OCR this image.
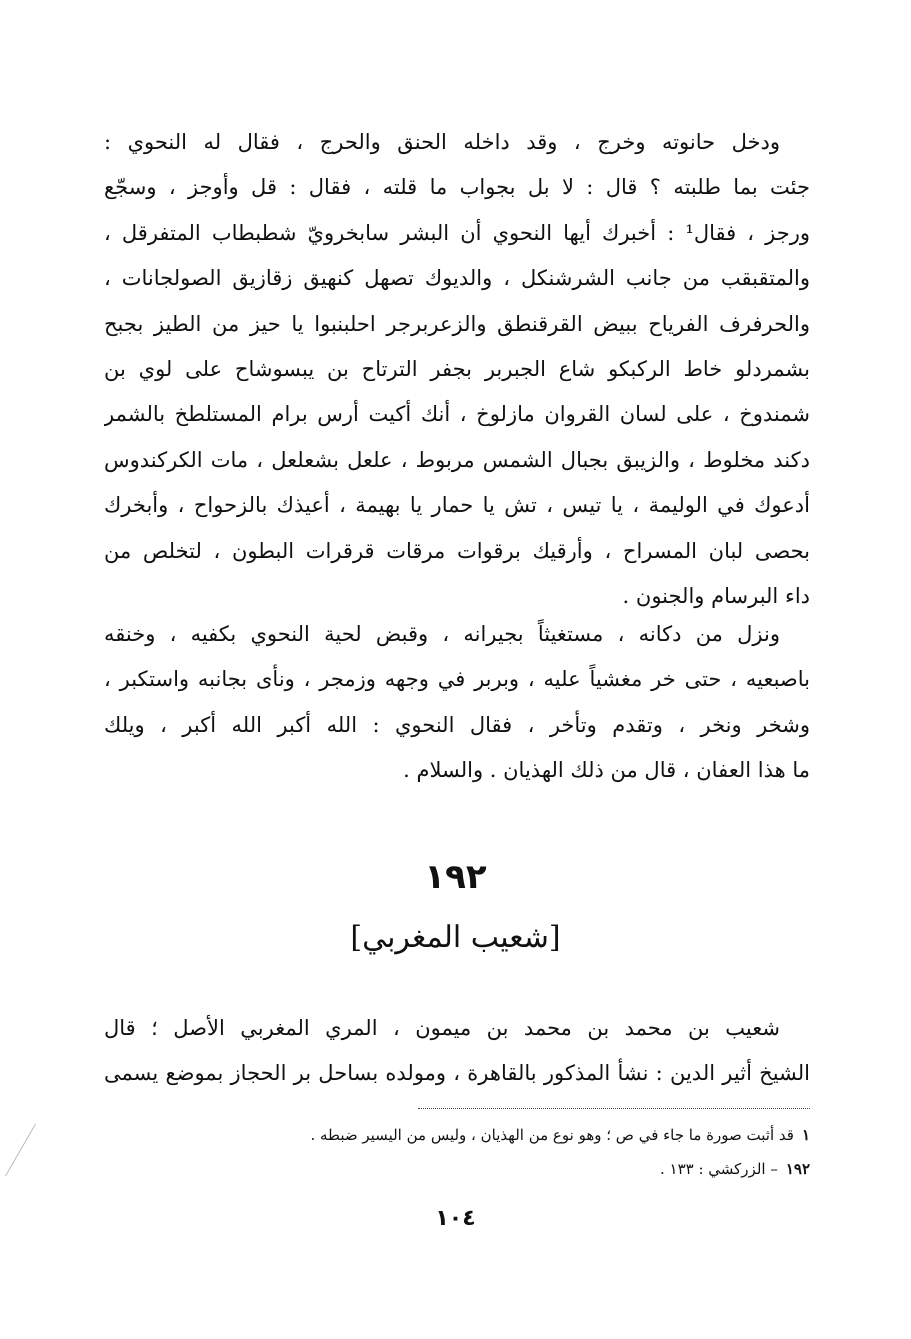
ودخل حانوته وخرج ، وقد داخله الحنق والحرج ، فقال له النحوي :
جئت بما طلبته ؟ قال : لا بل بجواب ما قلته ، فقال : قل وأوجز ، وسجّع
ورجز ، فقال¹ : أخبرك أيها النحوي أن البشر سابخرويّ شطبطاب المتفرقل ،
والمتقبقب من جانب الشرشنكل ، والديوك تصهل كنهيق زقازيق الصولجانات ،
والحرفرف الفرياح ببيض القرقنطق والزعربرجر احلبنبوا يا حيز من الطيز بجبح
بشمردلو خاط الركبكو شاع الجبربر بجفر الترتاح بن يبسوشاح على لوي بن
شمندوخ ، على لسان القروان مازلوخ ، أنك أكيت أرس برام المستلطخ بالشمر
دكند مخلوط ، والزيبق بجبال الشمس مربوط ، علعل بشعلعل ، مات الكركندوس
أدعوك في الوليمة ، يا تيس ، تش يا حمار يا بهيمة ، أعيذك بالزحواح ، وأبخرك
بحصى لبان المسراح ، وأرقيك برقوات مرقات قرقرات البطون ، لتخلص من
داء البرسام والجنون .
ونزل من دكانه ، مستغيثاً بجيرانه ، وقبض لحية النحوي بكفيه ، وخنقه
باصبعيه ، حتى خر مغشياً عليه ، وبربر في وجهه وزمجر ، ونأى بجانبه واستكبر ،
وشخر ونخر ، وتقدم وتأخر ، فقال النحوي : الله أكبر الله أكبر ، ويلك
ما هذا العفان ، قال من ذلك الهذيان . والسلام .
١٩٢
[شعيب المغربي]
شعيب بن محمد بن محمد بن ميمون ، المري المغربي الأصل ؛ قال
الشيخ أثير الدين : نشأ المذكور بالقاهرة ، ومولده بساحل بر الحجاز بموضع يسمى
١قد أثبت صورة ما جاء في ص ؛ وهو نوع من الهذيان ، وليس من اليسير ضبطه .
١٩٢– الزركشي : ١٣٣ .
١٠٤
